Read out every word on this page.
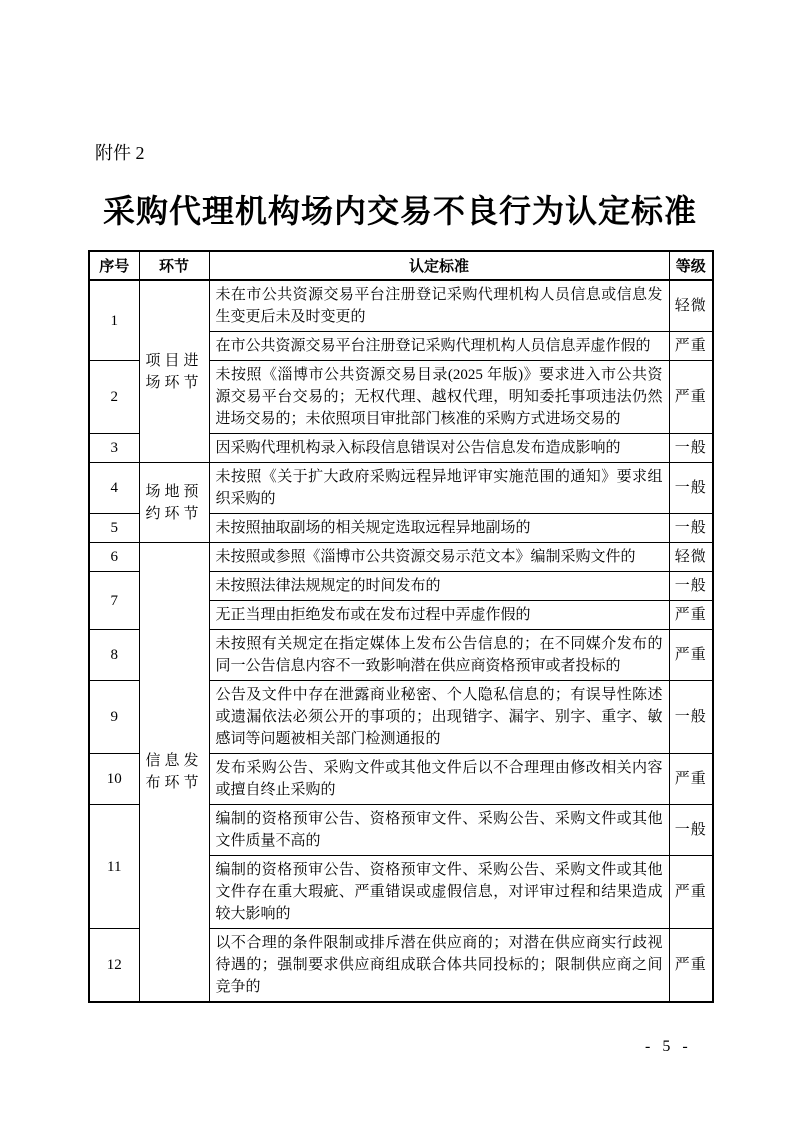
附件 2
采购代理机构场内交易不良行为认定标准
序号	环节	认定标准	等级
1	项目进场环节	未在市公共资源交易平台注册登记采购代理机构人员信息或信息发生变更后未及时变更的	轻微
		在市公共资源交易平台注册登记采购代理机构人员信息弄虚作假的	严重
2		未按照《淄博市公共资源交易目录(2025 年版)》要求进入市公共资源交易平台交易的；无权代理、越权代理，明知委托事项违法仍然进场交易的；未依照项目审批部门核准的采购方式进场交易的	严重
3		因采购代理机构录入标段信息错误对公告信息发布造成影响的	一般
4	场地预约环节	未按照《关于扩大政府采购远程异地评审实施范围的通知》要求组织采购的	一般
5		未按照抽取副场的相关规定选取远程异地副场的	一般
6	信息发布环节	未按照或参照《淄博市公共资源交易示范文本》编制采购文件的	轻微
7		未按照法律法规规定的时间发布的	一般
		无正当理由拒绝发布或在发布过程中弄虚作假的	严重
8		未按照有关规定在指定媒体上发布公告信息的；在不同媒介发布的同一公告信息内容不一致影响潜在供应商资格预审或者投标的	严重
9		公告及文件中存在泄露商业秘密、个人隐私信息的；有误导性陈述或遗漏依法必须公开的事项的；出现错字、漏字、别字、重字、敏感词等问题被相关部门检测通报的	一般
10		发布采购公告、采购文件或其他文件后以不合理理由修改相关内容或擅自终止采购的	严重
11		编制的资格预审公告、资格预审文件、采购公告、采购文件或其他文件质量不高的	一般
		编制的资格预审公告、资格预审文件、采购公告、采购文件或其他文件存在重大瑕疵、严重错误或虚假信息，对评审过程和结果造成较大影响的	严重
12		以不合理的条件限制或排斥潜在供应商的；对潜在供应商实行歧视待遇的；强制要求供应商组成联合体共同投标的；限制供应商之间竞争的	严重
- 5 -
